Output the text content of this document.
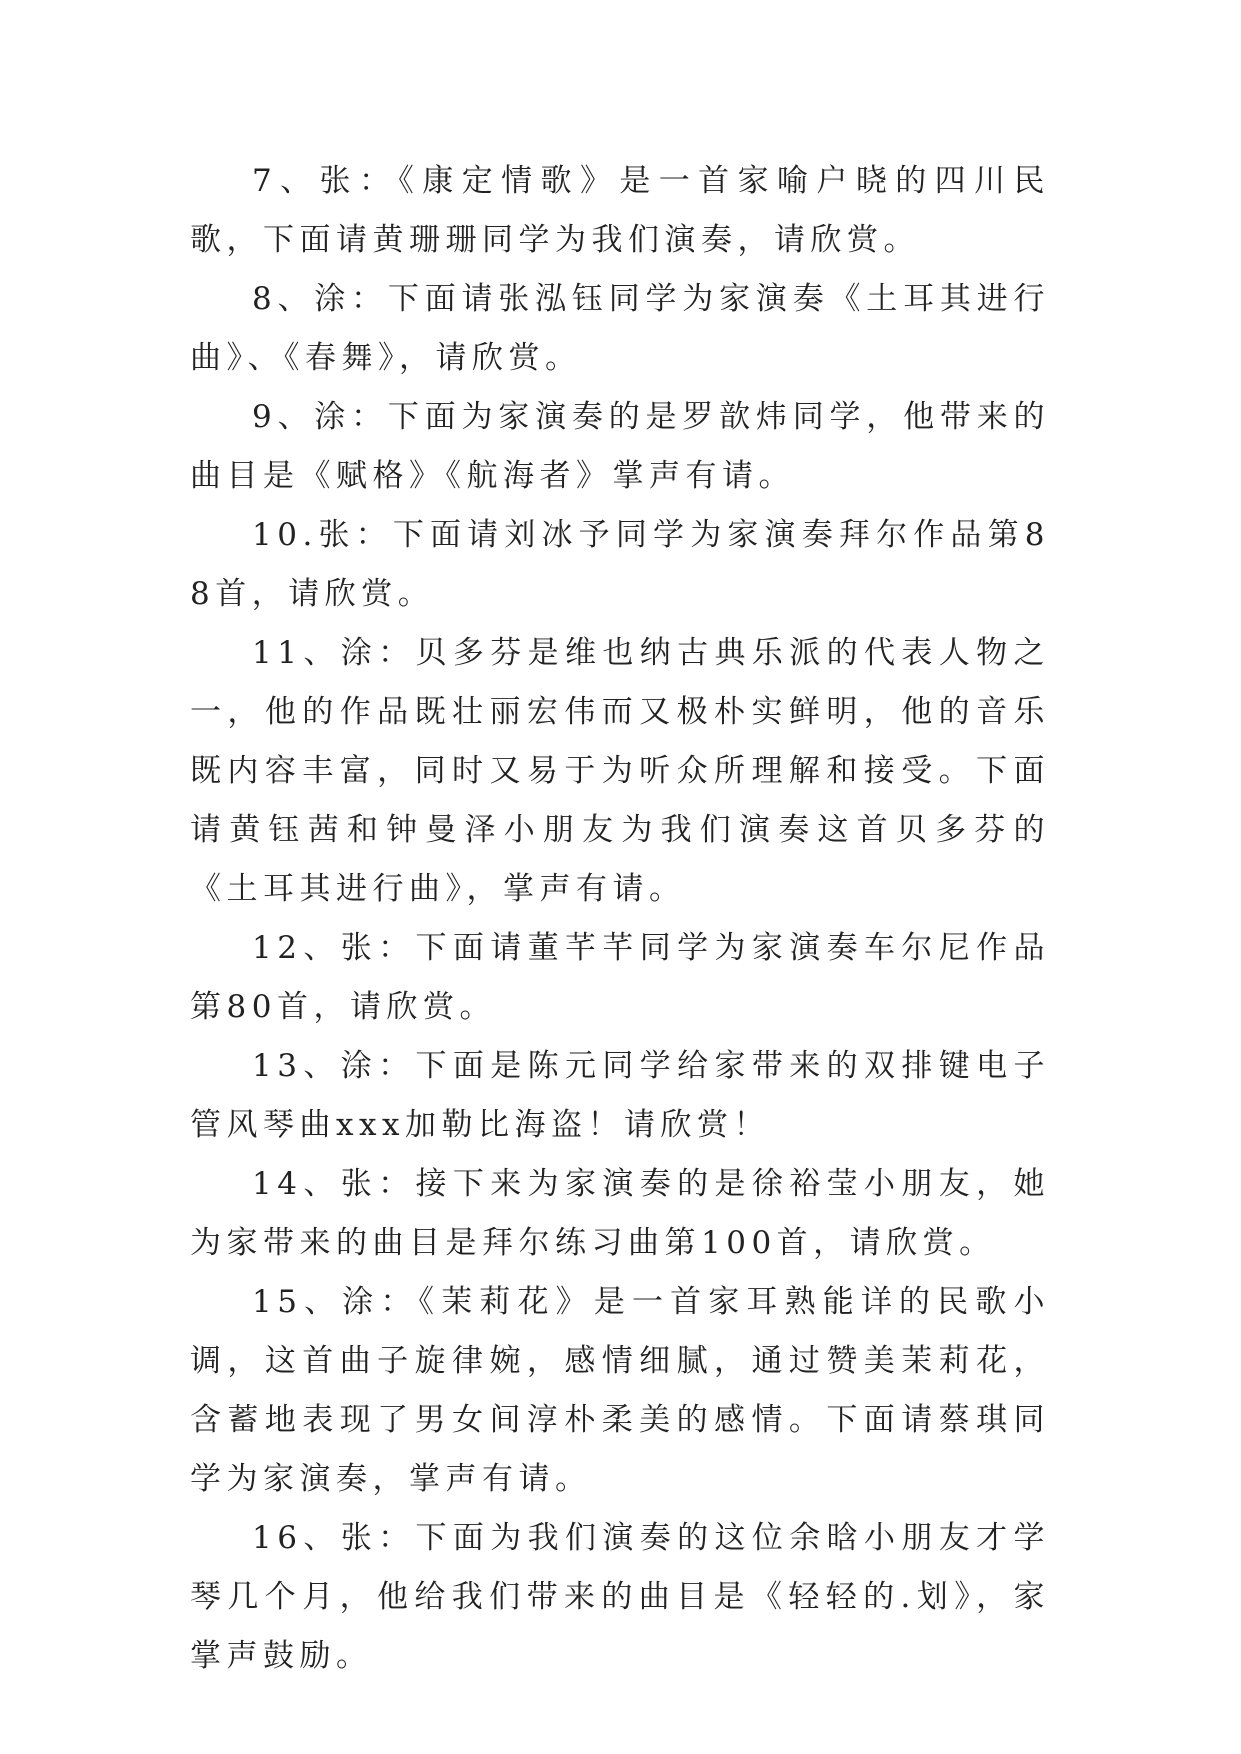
7、张：《康定情歌》是一首家喻户晓的四川民歌，下面请黄珊珊同学为我们演奏，请欣赏。

8、涂：下面请张泓钰同学为家演奏《土耳其进行曲》、《春舞》，请欣赏。

9、涂：下面为家演奏的是罗歆炜同学，他带来的曲目是《赋格》《航海者》掌声有请。

10.张：下面请刘冰予同学为家演奏拜尔作品第88首，请欣赏。

11、涂：贝多芬是维也纳古典乐派的代表人物之一，他的作品既壮丽宏伟而又极朴实鲜明，他的音乐既内容丰富，同时又易于为听众所理解和接受。下面请黄钰茜和钟曼泽小朋友为我们演奏这首贝多芬的《土耳其进行曲》，掌声有请。

12、张：下面请董芊芊同学为家演奏车尔尼作品第80首，请欣赏。

13、涂：下面是陈元同学给家带来的双排键电子管风琴曲xxx加勒比海盗！请欣赏！

14、张：接下来为家演奏的是徐裕莹小朋友，她为家带来的曲目是拜尔练习曲第100首，请欣赏。

15、涂：《茉莉花》是一首家耳熟能详的民歌小调，这首曲子旋律婉，感情细腻，通过赞美茉莉花，含蓄地表现了男女间淳朴柔美的感情。下面请蔡琪同学为家演奏，掌声有请。

16、张：下面为我们演奏的这位余晗小朋友才学琴几个月，他给我们带来的曲目是《轻轻的.划》，家掌声鼓励。
